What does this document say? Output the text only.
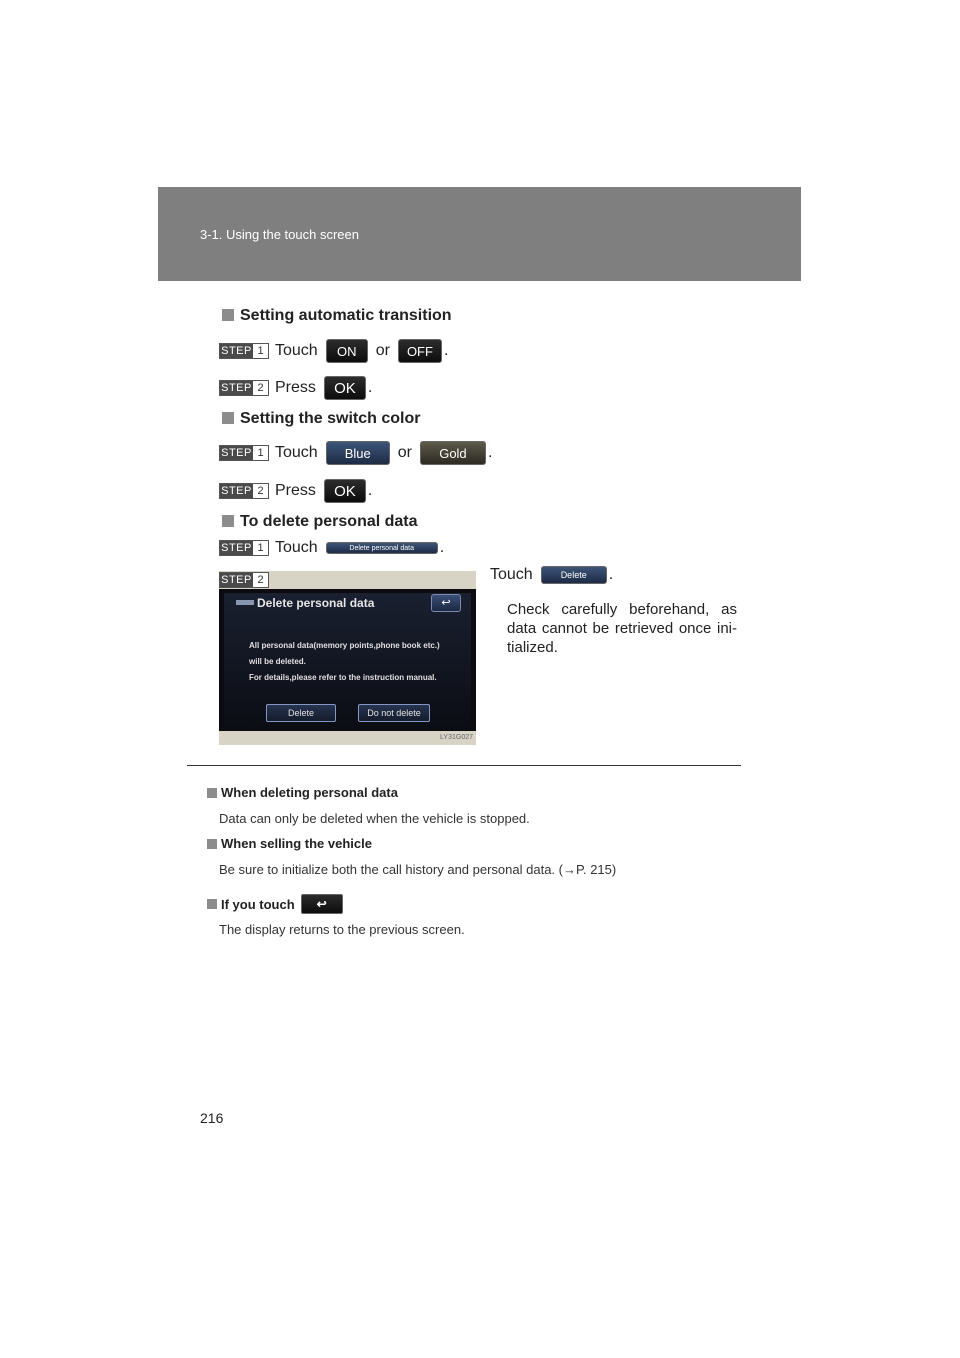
3-1. Using the touch screen
Setting automatic transition
STEP 1 Touch	ON	or	OFF .
STEP 2 Press	OK .
Setting the switch color
STEP 1 Touch	Blue	or	Gold	.
STEP 2 Press	OK .
To delete personal data
STEP 1 Touch	Delete personal data	.
Delete personal data	↩
All personal data(memory points,phone book etc.)
will be deleted.
For details,please refer to the instruction manual.
Delete	Do not delete
LY31G027
STEP 2	Touch	Delete	.
Check carefully beforehand, as data cannot be retrieved once ini-tialized.
When deleting personal data
Data can only be deleted when the vehicle is stopped.
When selling the vehicle
Be sure to initialize both the call history and personal data. (→P. 215)
If you touch	↩
The display returns to the previous screen.
216
